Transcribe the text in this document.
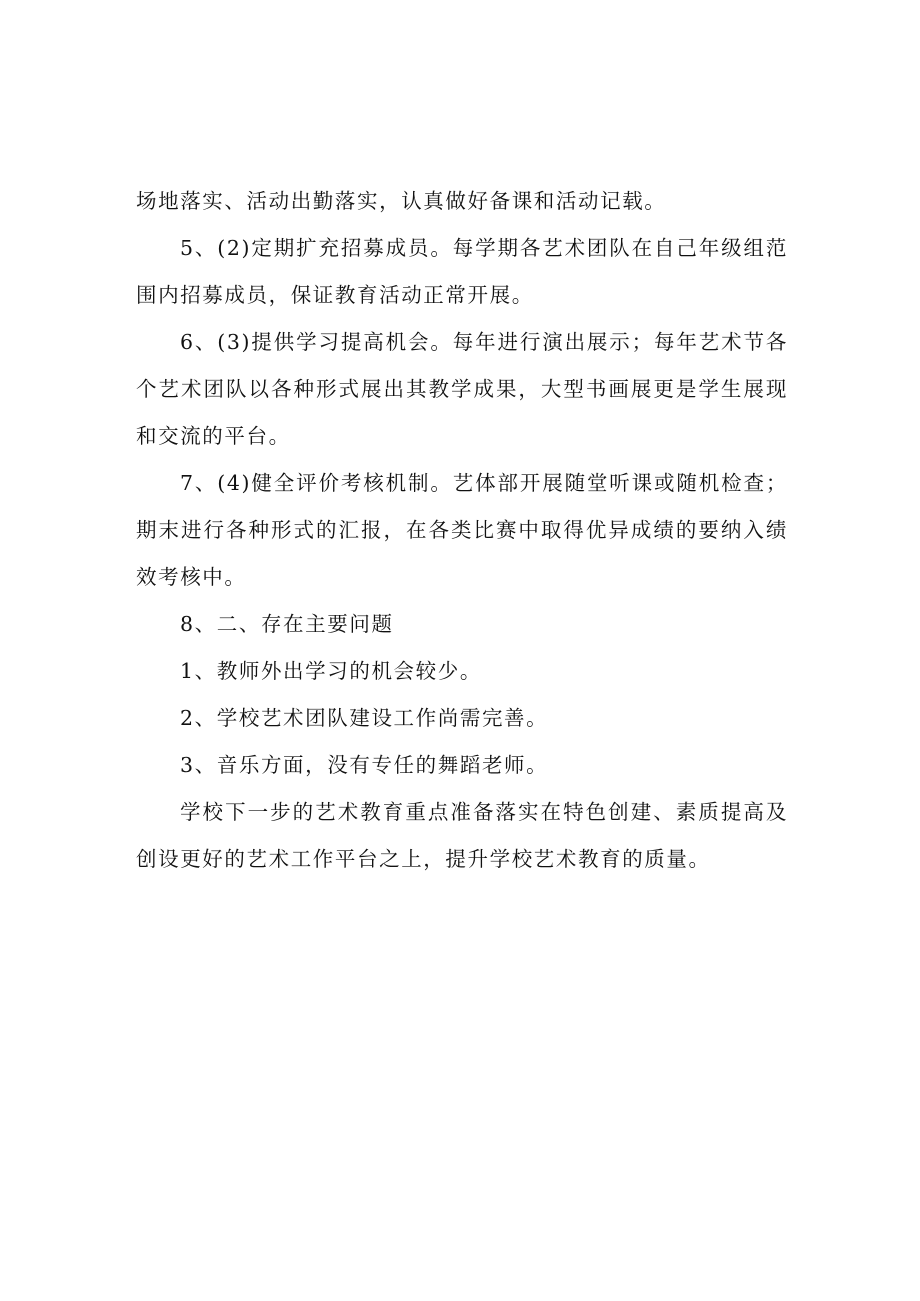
场地落实、活动出勤落实，认真做好备课和活动记载。

5、(2)定期扩充招募成员。每学期各艺术团队在自己年级组范围内招募成员，保证教育活动正常开展。

6、(3)提供学习提高机会。每年进行演出展示；每年艺术节各个艺术团队以各种形式展出其教学成果，大型书画展更是学生展现和交流的平台。

7、(4)健全评价考核机制。艺体部开展随堂听课或随机检查；期末进行各种形式的汇报，在各类比赛中取得优异成绩的要纳入绩效考核中。

8、二、存在主要问题

1、教师外出学习的机会较少。

2、学校艺术团队建设工作尚需完善。

3、音乐方面，没有专任的舞蹈老师。

学校下一步的艺术教育重点准备落实在特色创建、素质提高及创设更好的艺术工作平台之上，提升学校艺术教育的质量。
